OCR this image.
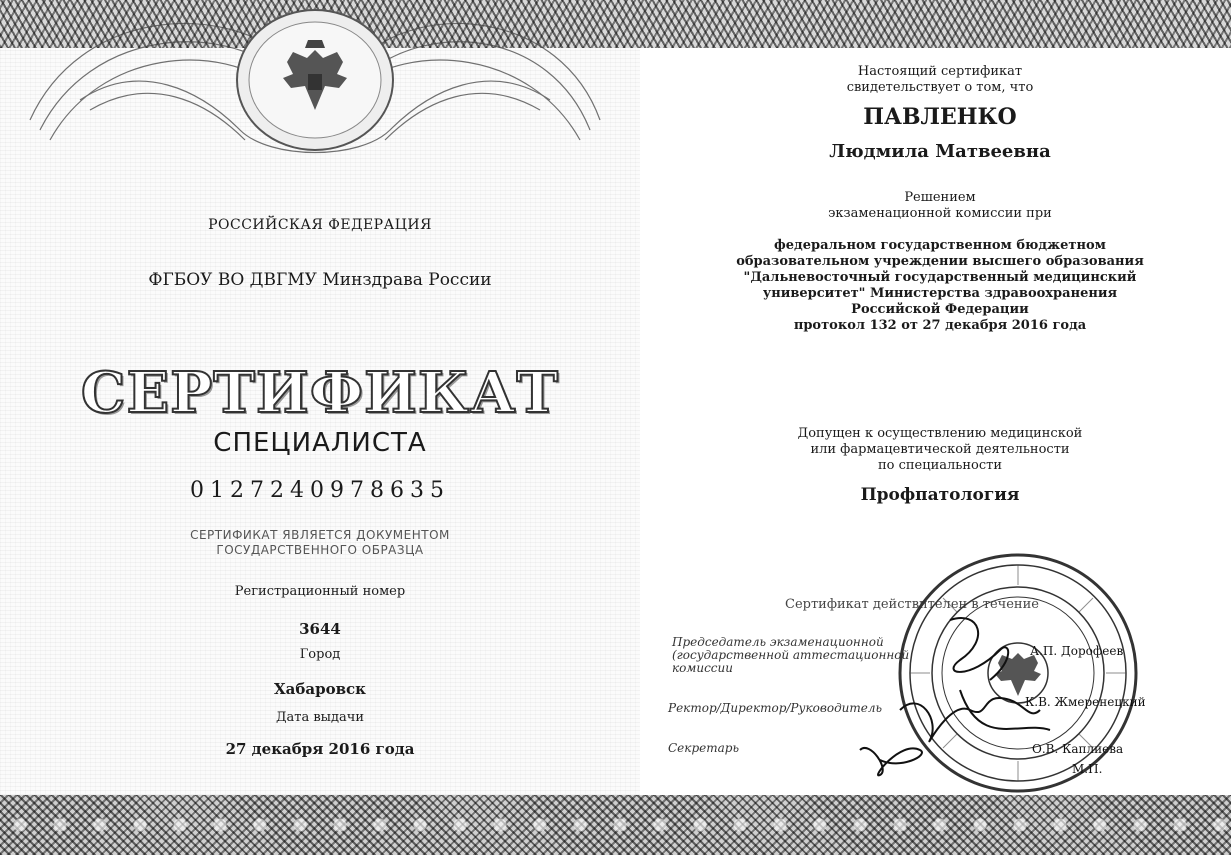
РОССИЙСКАЯ ФЕДЕРАЦИЯ
ФГБОУ ВО ДВГМУ Минздрава России
СЕРТИФИКАТ
СПЕЦИАЛИСТА
0127240978635
СЕРТИФИКАТ ЯВЛЯЕТСЯ ДОКУМЕНТОМ
ГОСУДАРСТВЕННОГО ОБРАЗЦА
Регистрационный номер
3644
Город
Хабаровск
Дата выдачи
27 декабря 2016 года
Настоящий сертификат
свидетельствует о том, что
ПАВЛЕНКО
Людмила Матвеевна
Решением
экзаменационной комиссии при
федеральном государственном бюджетном
образовательном учреждении высшего образования
"Дальневосточный государственный медицинский
университет" Министерства здравоохранения
Российской Федерации
протокол 132 от 27 декабря 2016 года
Допущен к осуществлению медицинской
или фармацевтической деятельности
по специальности
Профпатология
Сертификат действителен в течение
Председатель экзаменационной
(государственной аттестационной
комиссии
Ректор/Директор/Руководитель
Секретарь
А.П. Дорофеев
К.В. Жмеренецкий
О.В. Каплиева
М.П.
